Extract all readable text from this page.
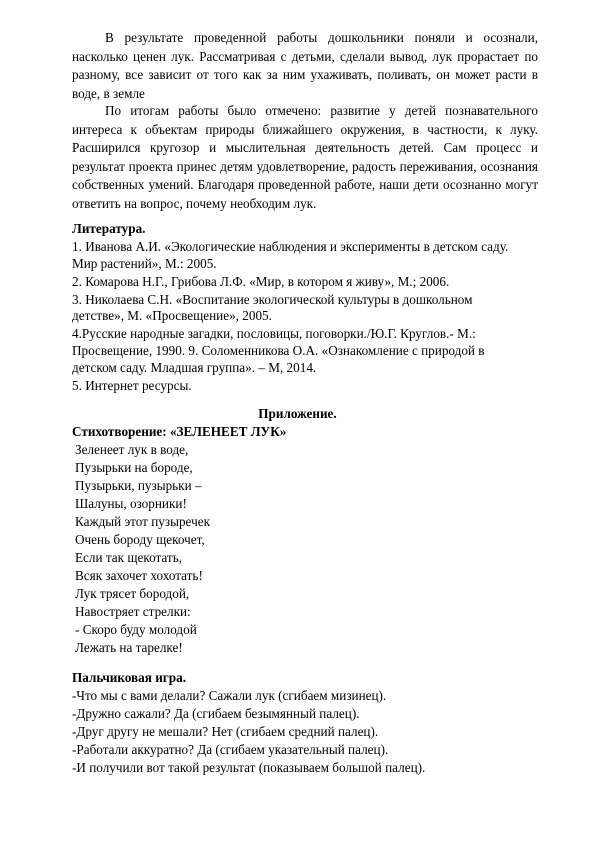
В результате проведенной работы дошкольники поняли и осознали, насколько ценен лук. Рассматривая с детьми, сделали вывод, лук прорастает по разному, все зависит от того как за ним ухаживать, поливать, он может расти в воде, в земле

По итогам работы было отмечено: развитие у детей познавательного интереса к объектам природы ближайшего окружения, в частности, к луку. Расширился кругозор и мыслительная деятельность детей. Сам процесс и результат проекта принес детям удовлетворение, радость переживания, осознания собственных умений. Благодаря проведенной работе, наши дети осознанно могут ответить на вопрос, почему необходим лук.

Литература.

1. Иванова А.И. «Экологические наблюдения и эксперименты в детском саду.

Мир растений», М.: 2005.

2. Комарова Н.Г., Грибова Л.Ф. «Мир, в котором я живу», М.; 2006.

3. Николаева С.Н. «Воспитание экологической культуры в дошкольном

детстве», М. «Просвещение», 2005.

4.Русские народные загадки, пословицы, поговорки./Ю.Г. Круглов.- М.:

Просвещение, 1990. 9. Соломенникова О.А. «Ознакомление с природой в

детском саду. Младшая группа». – М, 2014.

5. Интернет ресурсы.

Приложение.

Стихотворение: «ЗЕЛЕНЕЕТ ЛУК»

Зеленеет лук в воде,

Пузырьки на бороде,

Пузырьки, пузырьки –

Шалуны, озорники!

Каждый этот пузыречек

Очень бороду щекочет,

Если так щекотать,

Всяк захочет хохотать!

Лук трясет бородой,

Навостряет стрелки:

- Скоро буду молодой

Лежать на тарелке!

Пальчиковая игра.

-Что мы с вами делали? Сажали лук (сгибаем мизинец).

-Дружно сажали? Да (сгибаем безымянный палец).

-Друг другу не мешали? Нет (сгибаем средний палец).

-Работали аккуратно? Да (сгибаем указательный палец).

-И получили вот такой результат (показываем большой палец).
